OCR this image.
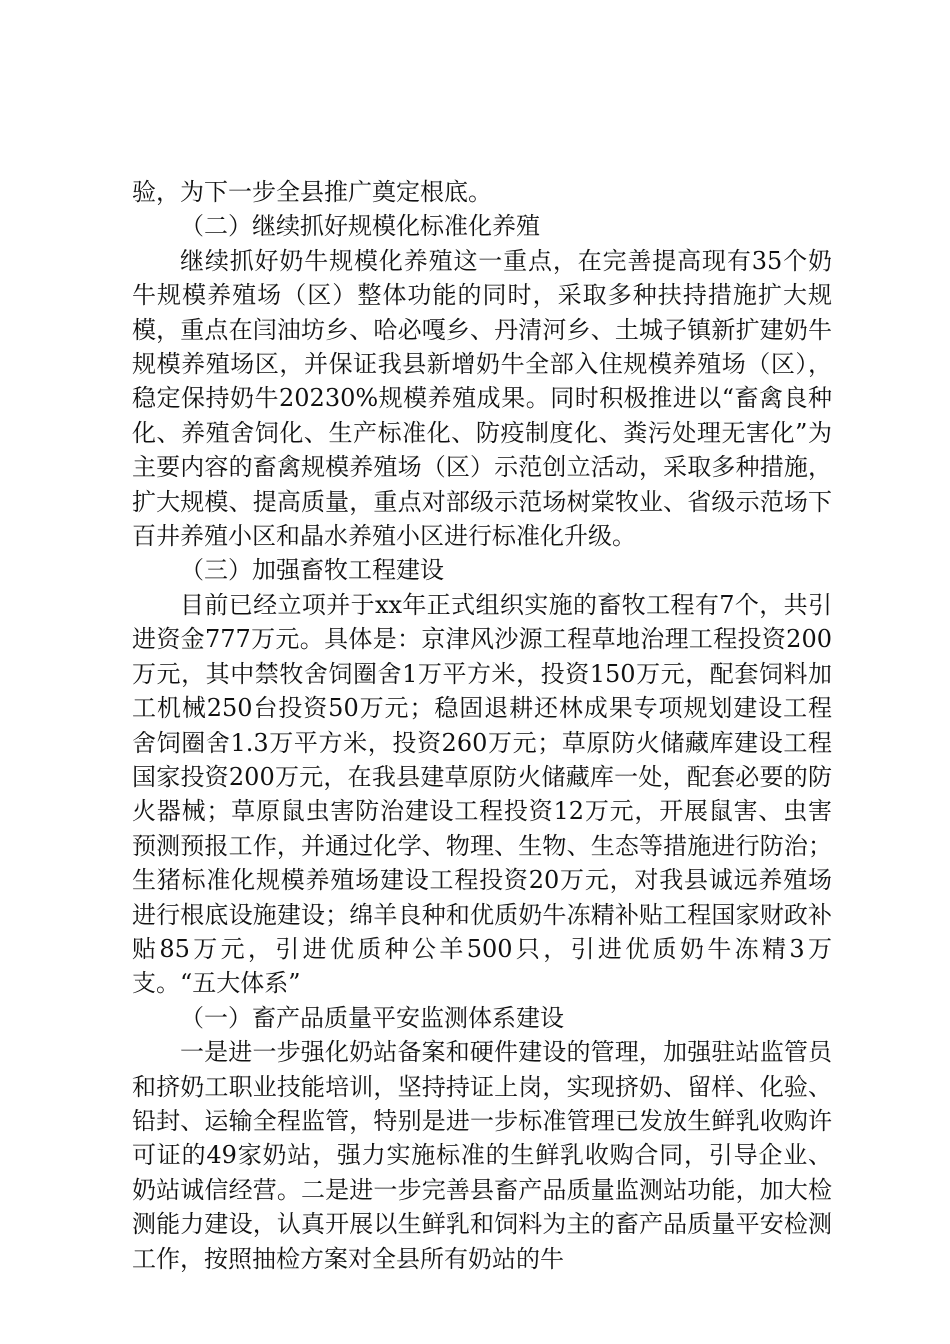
验，为下一步全县推广奠定根底。

（二）继续抓好规模化标准化养殖

继续抓好奶牛规模化养殖这一重点，在完善提高现有35个奶牛规模养殖场（区）整体功能的同时，采取多种扶持措施扩大规模，重点在闫油坊乡、哈必嘎乡、丹清河乡、土城子镇新扩建奶牛规模养殖场区，并保证我县新增奶牛全部入住规模养殖场（区），稳定保持奶牛20230%规模养殖成果。同时积极推进以“畜禽良种化、养殖舍饲化、生产标准化、防疫制度化、粪污处理无害化”为主要内容的畜禽规模养殖场（区）示范创立活动，采取多种措施，扩大规模、提高质量，重点对部级示范场树棠牧业、省级示范场下百井养殖小区和晶水养殖小区进行标准化升级。

（三）加强畜牧工程建设

目前已经立项并于xx年正式组织实施的畜牧工程有7个，共引进资金777万元。具体是：京津风沙源工程草地治理工程投资200万元，其中禁牧舍饲圈舍1万平方米，投资150万元，配套饲料加工机械250台投资50万元；稳固退耕还林成果专项规划建设工程舍饲圈舍1.3万平方米，投资260万元；草原防火储藏库建设工程国家投资200万元，在我县建草原防火储藏库一处，配套必要的防火器械；草原鼠虫害防治建设工程投资12万元，开展鼠害、虫害预测预报工作，并通过化学、物理、生物、生态等措施进行防治；生猪标准化规模养殖场建设工程投资20万元，对我县诚远养殖场进行根底设施建设；绵羊良种和优质奶牛冻精补贴工程国家财政补贴85万元，引进优质种公羊500只，引进优质奶牛冻精3万支。“五大体系”

（一）畜产品质量平安监测体系建设

一是进一步强化奶站备案和硬件建设的管理，加强驻站监管员和挤奶工职业技能培训，坚持持证上岗，实现挤奶、留样、化验、铅封、运输全程监管，特别是进一步标准管理已发放生鲜乳收购许可证的49家奶站，强力实施标准的生鲜乳收购合同，引导企业、奶站诚信经营。二是进一步完善县畜产品质量监测站功能，加大检测能力建设，认真开展以生鲜乳和饲料为主的畜产品质量平安检测工作，按照抽检方案对全县所有奶站的牛
